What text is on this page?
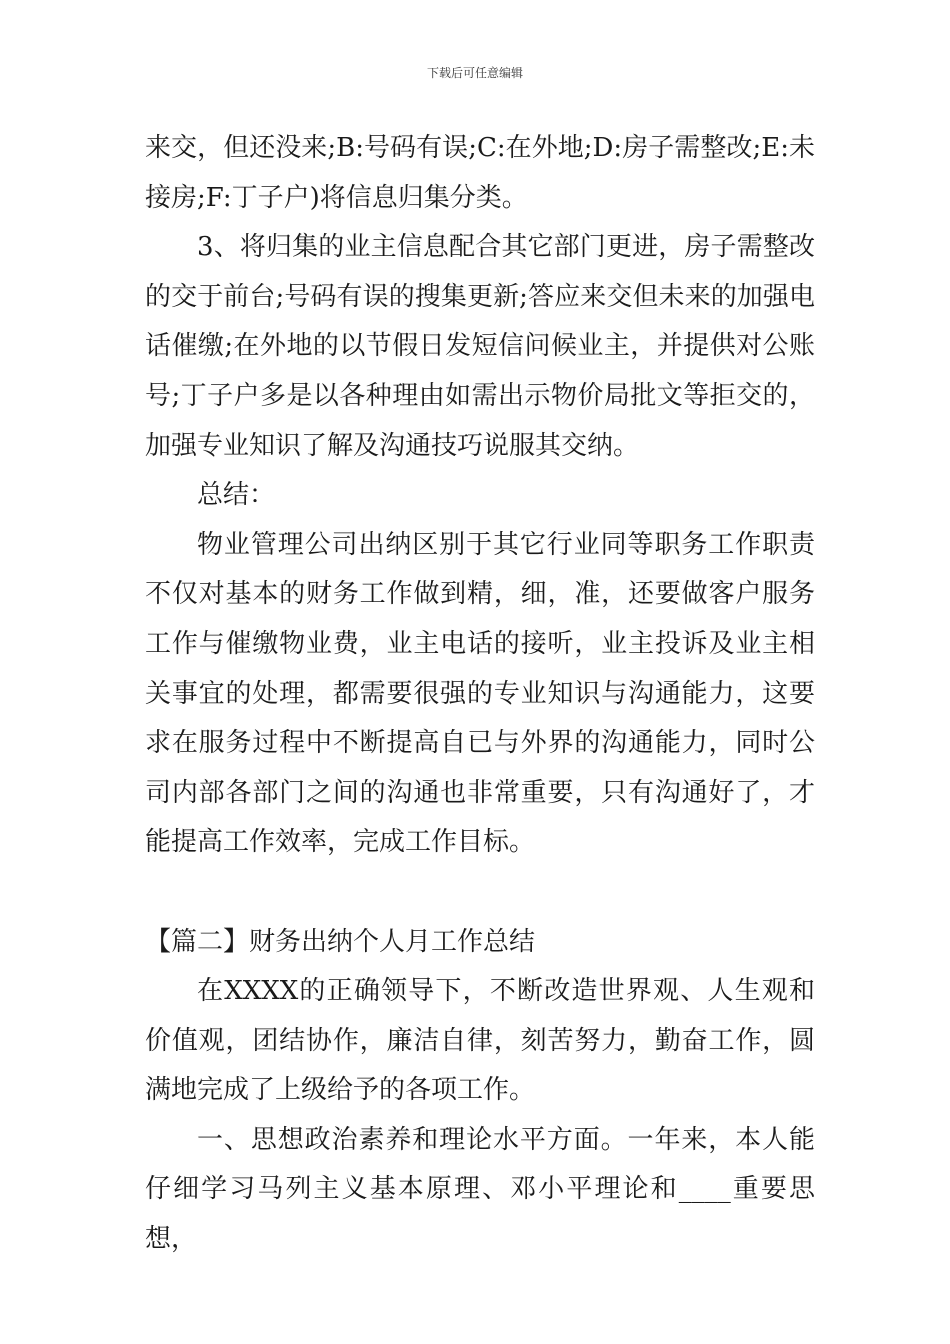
下载后可任意编辑

来交，但还没来;B:号码有误;C:在外地;D:房子需整改;E:未接房;F:丁子户)将信息归集分类。

3、将归集的业主信息配合其它部门更进，房子需整改的交于前台;号码有误的搜集更新;答应来交但未来的加强电话催缴;在外地的以节假日发短信问候业主，并提供对公账号;丁子户多是以各种理由如需出示物价局批文等拒交的，加强专业知识了解及沟通技巧说服其交纳。

总结：

物业管理公司出纳区别于其它行业同等职务工作职责不仅对基本的财务工作做到精，细，准，还要做客户服务工作与催缴物业费，业主电话的接听，业主投诉及业主相关事宜的处理，都需要很强的专业知识与沟通能力，这要求在服务过程中不断提高自已与外界的沟通能力，同时公司内部各部门之间的沟通也非常重要，只有沟通好了，才能提高工作效率，完成工作目标。

【篇二】财务出纳个人月工作总结

在XXXX的正确领导下，不断改造世界观、人生观和价值观，团结协作，廉洁自律，刻苦努力，勤奋工作，圆满地完成了上级给予的各项工作。

一、思想政治素养和理论水平方面。一年来，本人能仔细学习马列主义基本原理、邓小平理论和____重要思想，
